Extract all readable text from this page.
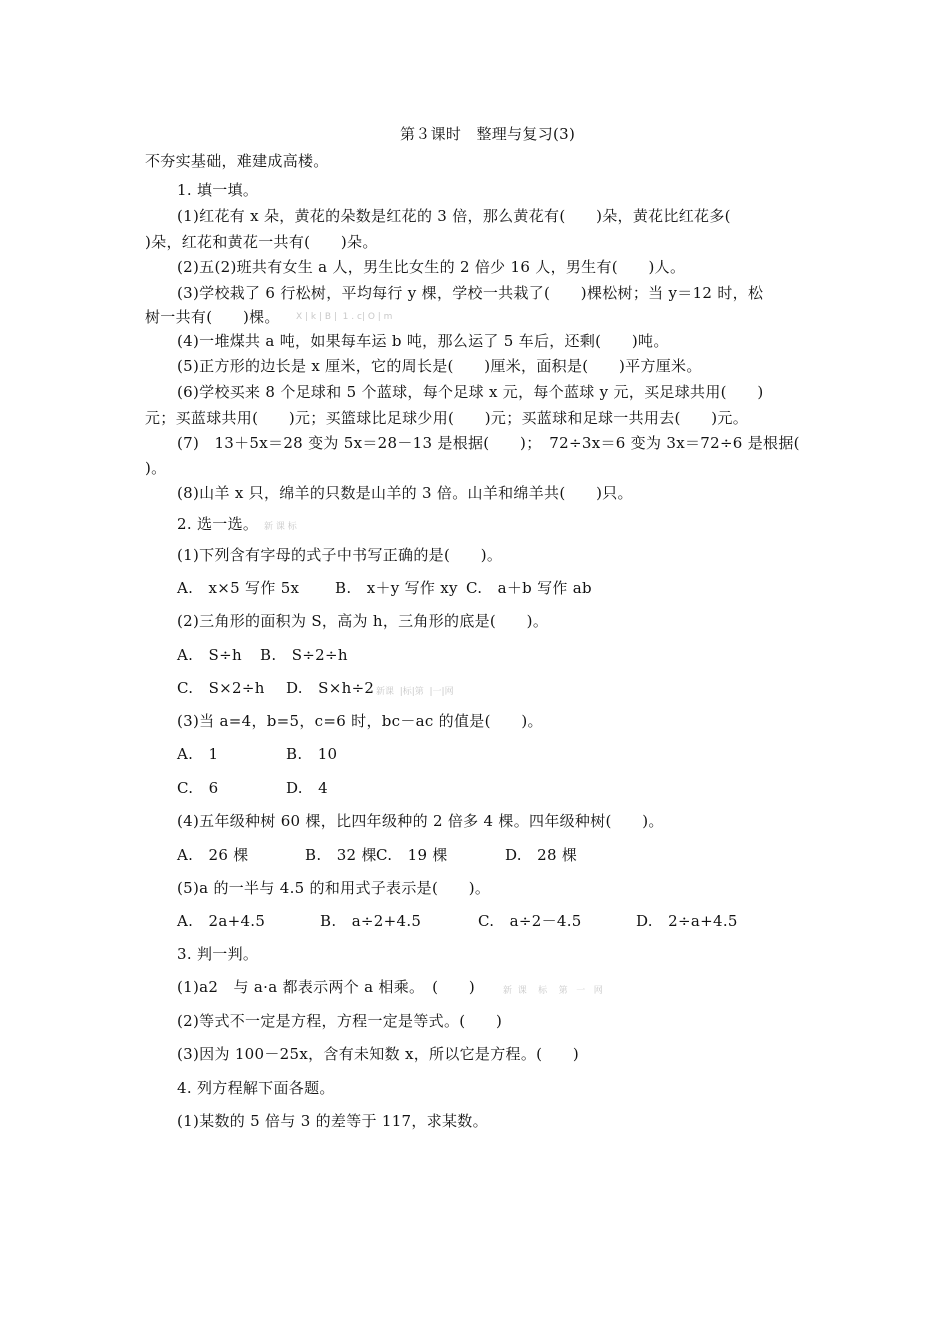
第３课时　整理与复习(3)
不夯实基础，难建成高楼。
1. 填一填。
(1)红花有 x 朵，黄花的朵数是红花的 3 倍，那么黄花有(　　)朵，黄花比红花多(
)朵，红花和黄花一共有(　　)朵。
(2)五(2)班共有女生 a 人，男生比女生的 2 倍少 16 人，男生有(　　)人。
(3)学校栽了 6 行松树，平均每行 y 棵，学校一共栽了(　　)棵松树；当 y＝12 时，松
树一共有(　　)棵。 X | k | B |  1 . c| O | m
(4)一堆煤共 a 吨，如果每车运 b 吨，那么运了 5 车后，还剩(　　)吨。
(5)正方形的边长是 x 厘米，它的周长是(　　)厘米，面积是(　　)平方厘米。
(6)学校买来 8 个足球和 5 个蓝球，每个足球 x 元，每个蓝球 y 元，买足球共用(　　)
元；买蓝球共用(　　)元；买篮球比足球少用(　　)元；买蓝球和足球一共用去(　　)元。
(7)　13＋5x＝28 变为 5x＝28－13 是根据(　　)；　72÷3x＝6 变为 3x＝72÷6 是根据(
)。
(8)山羊 x 只，绵羊的只数是山羊的 3 倍。山羊和绵羊共(　　)只。
2. 选一选。 新 课 标
(1)下列含有字母的式子中书写正确的是(　　)。
A.　x×5 写作 5x B.　x＋y 写作 xy C.　a＋b 写作 ab
(2)三角形的面积为 S，高为 h，三角形的底是(　　)。
A.　S÷h B.　S÷2÷h
C.　S×2÷h D.　S×h÷2 新课  |标|第  |一|网
(3)当 a=4，b=5，c=6 时，bc－ac 的值是(　　)。
A.　1	B.　10
C.　6	D.　4
(4)五年级种树 60 棵，比四年级种的 2 倍多 4 棵。四年级种树(　　)。
A.　26 棵	B.　32 棵 C.　19 棵	D.　28 棵
(5)a 的一半与 4.5 的和用式子表示是(　　)。
A.　2a+4.5	B.　a÷2+4.5	C.　a÷2－4.5	D.　2÷a+4.5
3. 判一判。
(1)a2　与 a·a 都表示两个 a 相乘。　(　　)	新  课    标    第   一   网
(2)等式不一定是方程，方程一定是等式。(　　)
(3)因为 100－25x，含有未知数 x，所以它是方程。(　　)
4. 列方程解下面各题。
(1)某数的 5 倍与 3 的差等于 117，求某数。
